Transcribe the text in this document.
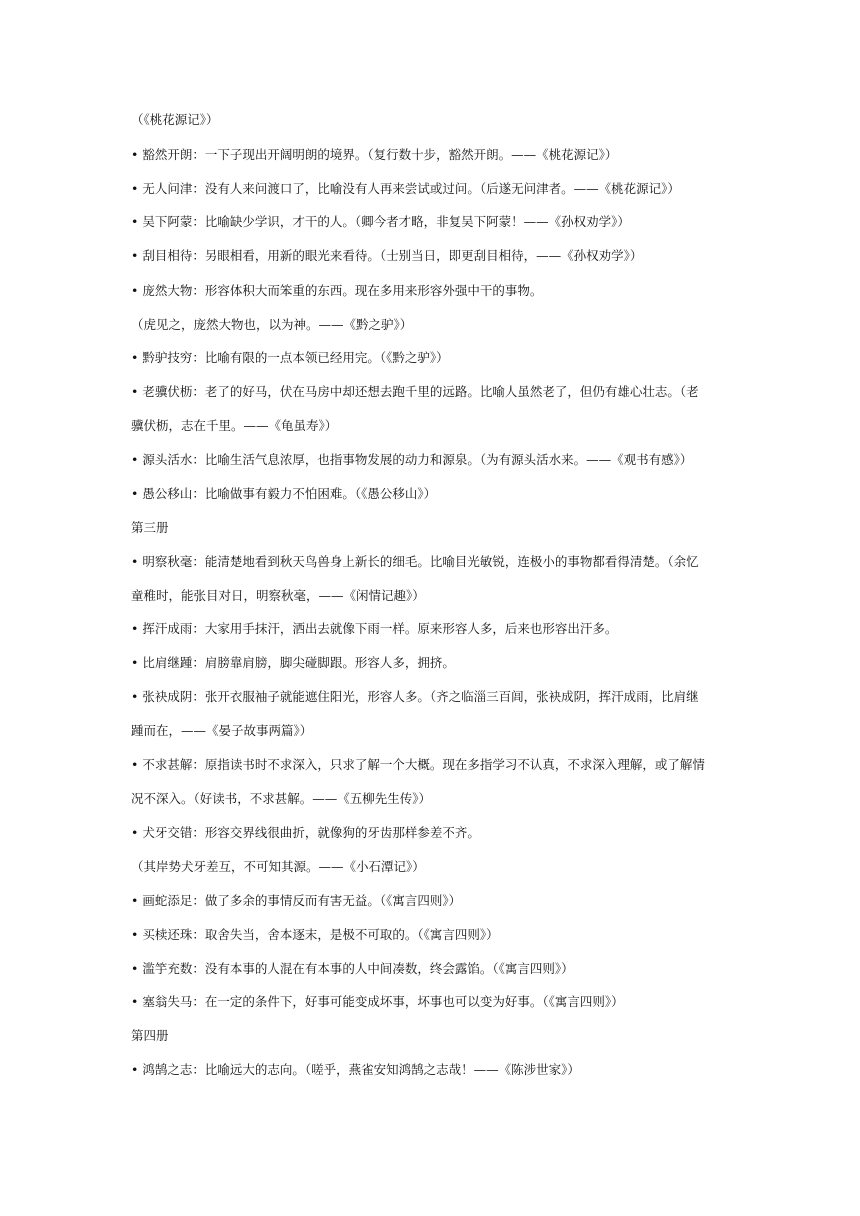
（《桃花源记》）
• 豁然开朗：一下子现出开阔明朗的境界。（复行数十步，豁然开朗。——《桃花源记》）
• 无人问津：没有人来问渡口了，比喻没有人再来尝试或过问。（后遂无问津者。——《桃花源记》）
• 吴下阿蒙：比喻缺少学识，才干的人。（卿今者才略，非复吴下阿蒙！——《孙权劝学》）
• 刮目相待：另眼相看，用新的眼光来看待。（士别当日，即更刮目相待，——《孙权劝学》）
• 庞然大物：形容体积大而笨重的东西。现在多用来形容外强中干的事物。
（虎见之，庞然大物也，以为神。——《黔之驴》）
• 黔驴技穷：比喻有限的一点本领已经用完。（《黔之驴》）
• 老骥伏枥：老了的好马，伏在马房中却还想去跑千里的远路。比喻人虽然老了，但仍有雄心壮志。（老
骥伏枥，志在千里。——《龟虽寿》）
• 源头活水：比喻生活气息浓厚，也指事物发展的动力和源泉。（为有源头活水来。——《观书有感》）
• 愚公移山：比喻做事有毅力不怕困难。（《愚公移山》）
第三册
• 明察秋毫：能清楚地看到秋天鸟兽身上新长的细毛。比喻目光敏锐，连极小的事物都看得清楚。（余忆
童稚时，能张目对日，明察秋毫，——《闲情记趣》）
• 挥汗成雨：大家用手抹汗，洒出去就像下雨一样。原来形容人多，后来也形容出汗多。
• 比肩继踵：肩膀靠肩膀，脚尖碰脚跟。形容人多，拥挤。
• 张袂成阴：张开衣服袖子就能遮住阳光，形容人多。（齐之临淄三百闾，张袂成阴，挥汗成雨，比肩继
踵而在，——《晏子故事两篇》）
• 不求甚解：原指读书时不求深入，只求了解一个大概。现在多指学习不认真，不求深入理解，或了解情
况不深入。（好读书，不求甚解。——《五柳先生传》）
• 犬牙交错：形容交界线很曲折，就像狗的牙齿那样参差不齐。
（其岸势犬牙差互，不可知其源。——《小石潭记》）
• 画蛇添足：做了多余的事情反而有害无益。（《寓言四则》）
• 买椟还珠：取舍失当，舍本逐末，是极不可取的。（《寓言四则》）
• 滥竽充数：没有本事的人混在有本事的人中间凑数，终会露馅。（《寓言四则》）
• 塞翁失马：在一定的条件下，好事可能变成坏事，坏事也可以变为好事。（《寓言四则》）
第四册
• 鸿鹄之志：比喻远大的志向。（嗟乎，燕雀安知鸿鹄之志哉！——《陈涉世家》）
